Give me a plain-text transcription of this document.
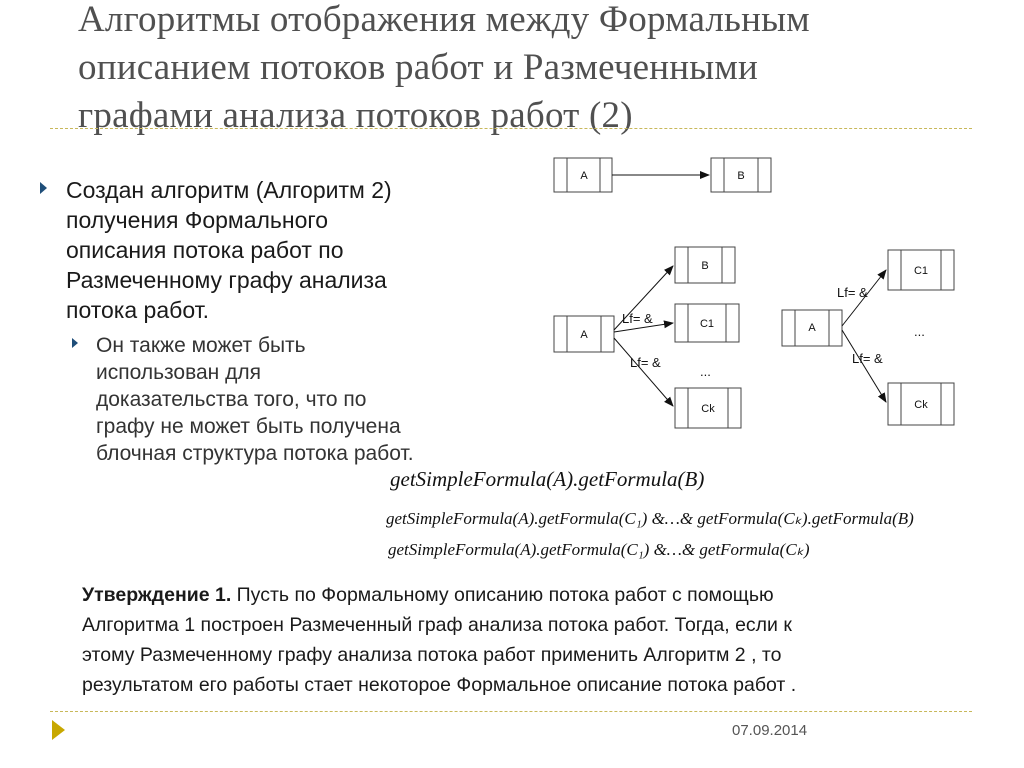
Алгоритмы отображения между Формальным
описанием потоков работ и Размеченными
графами анализа потоков работ (2)
Создан алгоритм (Алгоритм 2)
получения Формального
описания потока работ по
Размеченному графу анализа
потока работ.
Он также может быть
использован для
доказательства того, что по
графу не может быть получена
блочная структура потока работ.
A	B
A
B
C1
Ck
A
C1
Ck
Lf= &
Lf= &
Lf= &
Lf= &
...
...
getSimpleFormula(A).getFormula(B)
getSimpleFormula(A).getFormula(C₁) &…& getFormula(Cₖ).getFormula(B)
getSimpleFormula(A).getFormula(C₁) &…& getFormula(Cₖ)
Утверждение 1. Пусть по Формальному описанию потока работ с помощью
Алгоритма 1 построен Размеченный граф анализа потока работ. Тогда, если к
этому Размеченному графу анализа потока работ применить Алгоритм 2 , то
результатом его работы стает некоторое Формальное описание потока работ .
07.09.2014
